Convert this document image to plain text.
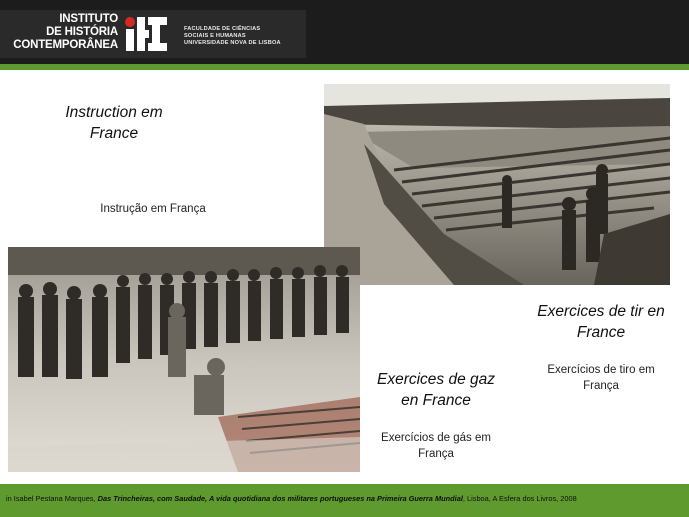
INSTITUTO
DE HISTÓRIA
CONTEMPORÂNEA
FACULDADE DE CIÊNCIAS
SOCIAIS E HUMANAS
UNIVERSIDADE NOVA DE LISBOA
Instruction em
France
Instrução em França
Exercices de tir en
France
Exercícios de tiro em
França
Exercices de gaz
en France
Exercícios de gás em
França
in Isabel Pestana Marques, Das Trincheiras, com Saudade, A vida quotidiana dos militares portugueses na Primeira Guerra Mundial, Lisboa, A Esfera dos Livros, 2008
